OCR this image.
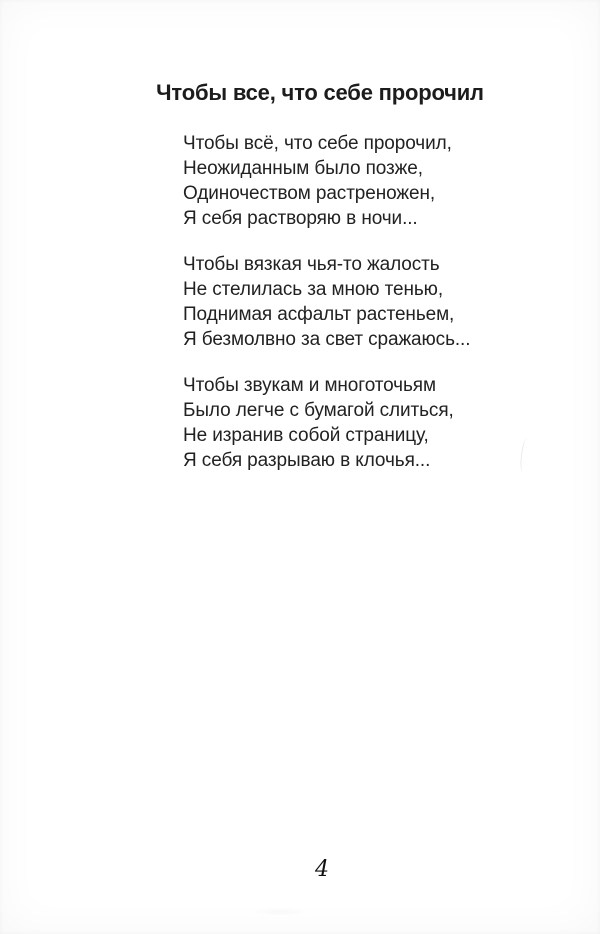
Чтобы все, что себе пророчил
Чтобы всё, что себе пророчил,
Неожиданным было позже,
Одиночеством растреножен,
Я себя растворяю в ночи...
Чтобы вязкая чья-то жалость
Не стелилась за мною тенью,
Поднимая асфальт растеньем,
Я безмолвно за свет сражаюсь...
Чтобы звукам и многоточьям
Было легче с бумагой слиться,
Не изранив собой страницу,
Я себя разрываю в клочья...
4
